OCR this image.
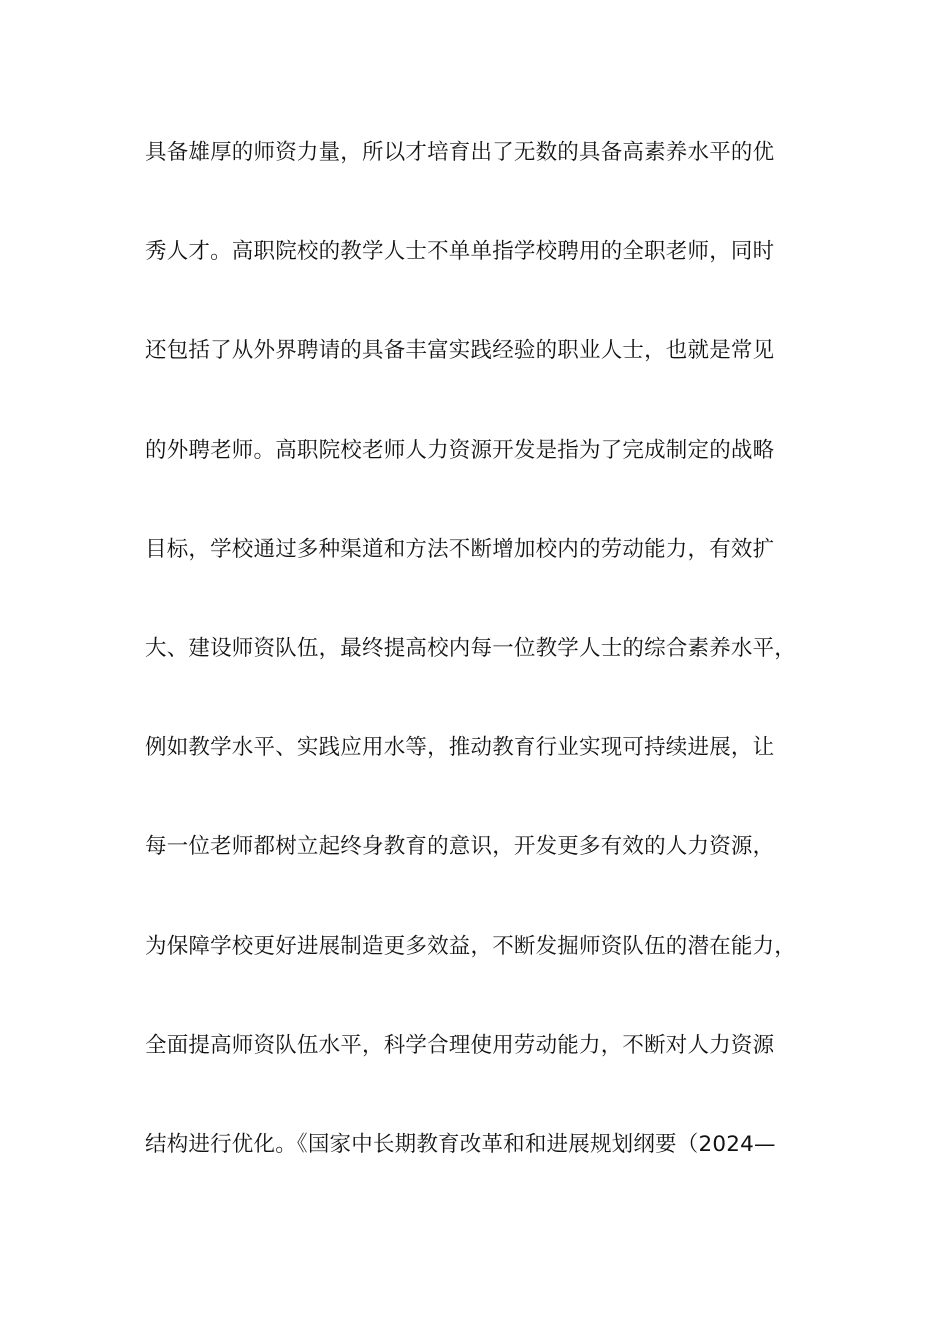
具备雄厚的师资力量，所以才培育出了无数的具备高素养水平的优
秀人才。高职院校的教学人士不单单指学校聘用的全职老师，同时
还包括了从外界聘请的具备丰富实践经验的职业人士，也就是常见
的外聘老师。高职院校老师人力资源开发是指为了完成制定的战略
目标，学校通过多种渠道和方法不断增加校内的劳动能力，有效扩
大、建设师资队伍，最终提高校内每一位教学人士的综合素养水平，
例如教学水平、实践应用水等，推动教育行业实现可持续进展，让
每一位老师都树立起终身教育的意识，开发更多有效的人力资源，
为保障学校更好进展制造更多效益，不断发掘师资队伍的潜在能力，
全面提高师资队伍水平，科学合理使用劳动能力，不断对人力资源
结构进行优化。《国家中长期教育改革和和进展规划纲要（2024—
